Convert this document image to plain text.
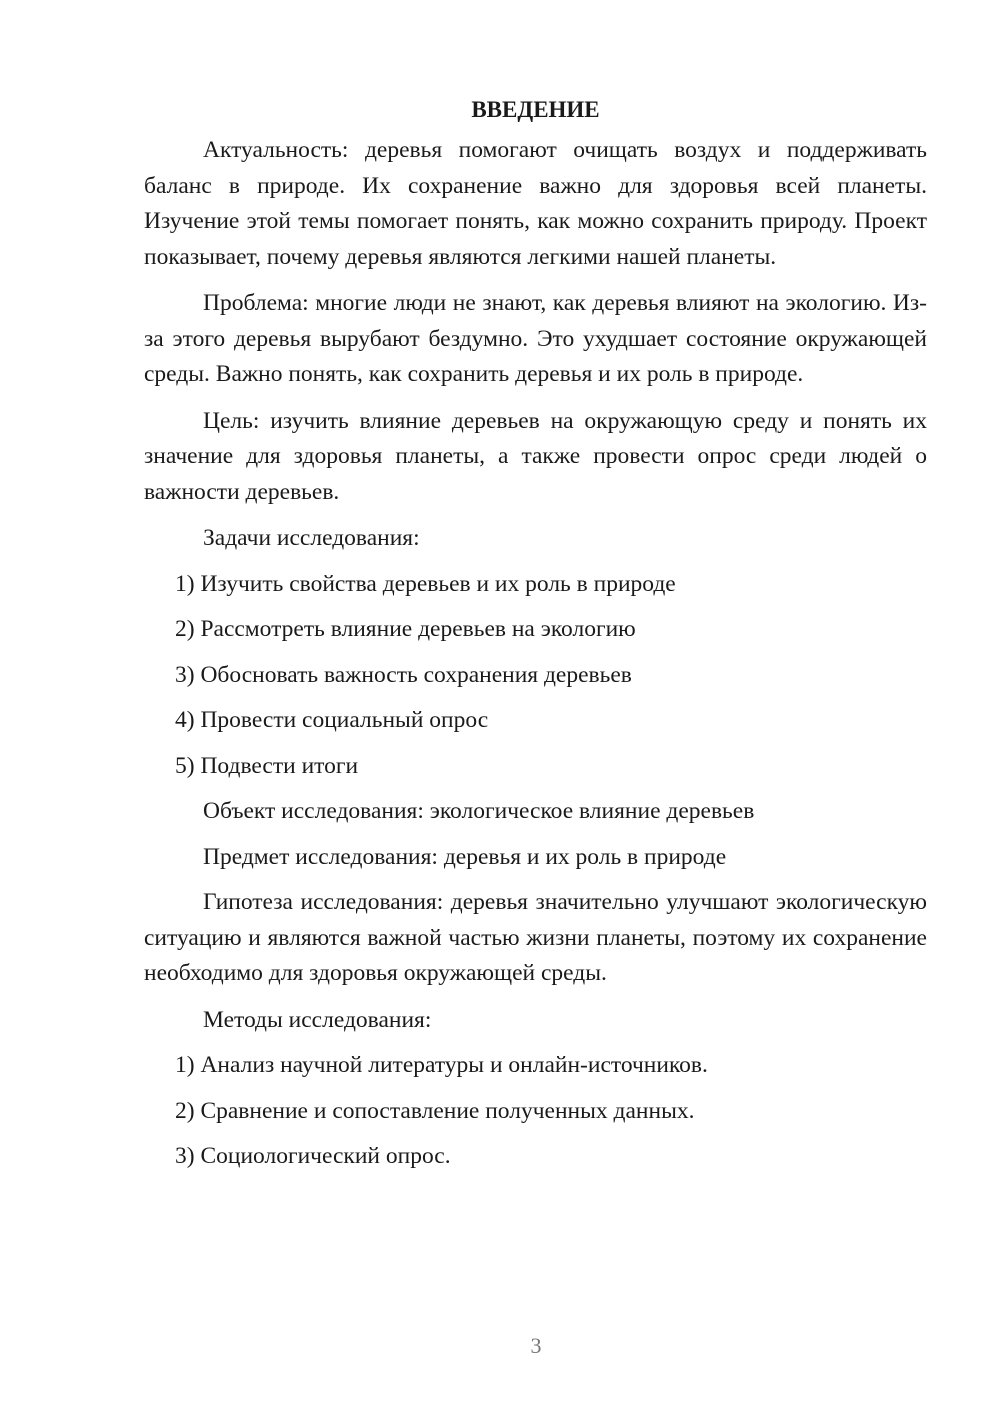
ВВЕДЕНИЕ

Актуальность: деревья помогают очищать воздух и поддерживать баланс в природе. Их сохранение важно для здоровья всей планеты. Изучение этой темы помогает понять, как можно сохранить природу. Проект показывает, почему деревья являются легкими нашей планеты.

Проблема: многие люди не знают, как деревья влияют на экологию. Из-за этого деревья вырубают бездумно. Это ухудшает состояние окружающей среды. Важно понять, как сохранить деревья и их роль в природе.

Цель: изучить влияние деревьев на окружающую среду и понять их значение для здоровья планеты, а также провести опрос среди людей о важности деревьев.

Задачи исследования:
1) Изучить свойства деревьев и их роль в природе
2) Рассмотреть влияние деревьев на экологию
3) Обосновать важность сохранения деревьев
4) Провести социальный опрос
5) Подвести итоги
Объект исследования: экологическое влияние деревьев
Предмет исследования: деревья и их роль в природе

Гипотеза исследования: деревья значительно улучшают экологическую ситуацию и являются важной частью жизни планеты, поэтому их сохранение необходимо для здоровья окружающей среды.

Методы исследования:
1) Анализ научной литературы и онлайн-источников.
2) Сравнение и сопоставление полученных данных.
3) Социологический опрос.
3
